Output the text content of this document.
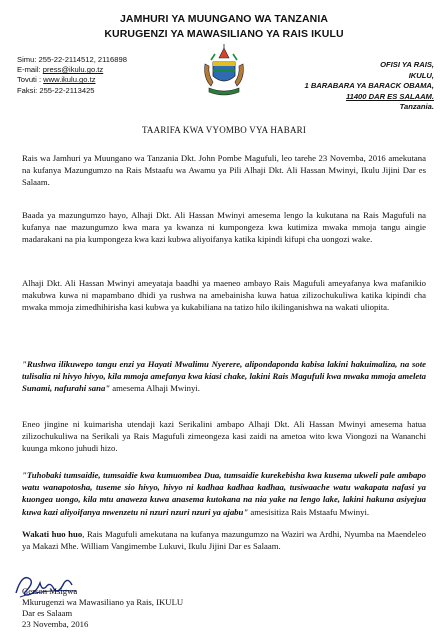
JAMHURI YA MUUNGANO WA TANZANIA
KURUGENZI YA MAWASILIANO YA RAIS IKULU
Simu: 255-22-2114512, 2116898
E-mail: press@ikulu.go.tz
Tovuti : www.ikulu.go.tz
Faksi: 255-22-2113425
OFISI YA RAIS,
IKULU,
1 BARABARA YA BARACK OBAMA,
11400 DAR ES SALAAM.
Tanzania.
TAARIFA KWA VYOMBO VYA HABARI

Rais wa Jamhuri ya Muungano wa Tanzania Dkt. John Pombe Magufuli, leo tarehe 23 Novemba, 2016 amekutana na kufanya Mazungumzo na Rais Mstaafu wa Awamu ya Pili Alhaji Dkt. Ali Hassan Mwinyi, Ikulu Jijini Dar es Salaam.

Baada ya mazungumzo hayo, Alhaji Dkt. Ali Hassan Mwinyi amesema lengo la kukutana na Rais Magufuli na kufanya nae mazungumzo kwa mara ya kwanza ni kumpongeza kwa kutimiza mwaka mmoja tangu aingie madarakani na pia kumpongeza kwa kazi kubwa aliyoifanya katika kipindi kifupi cha uongozi wake.

Alhaji Dkt. Ali Hassan Mwinyi ameyataja baadhi ya maeneo ambayo Rais Magufuli ameyafanya kwa mafanikio makubwa kuwa ni mapambano dhidi ya rushwa na amebainisha kuwa hatua zilizochukuliwa katika kipindi cha mwaka mmoja zimedhihirisha kasi kubwa ya kukabiliana na tatizo hilo ikilinganishwa na wakati uliopita.

"Rushwa ilikuwepo tangu enzi ya Hayati Mwalimu Nyerere, alipondaponda kabisa lakini hakuimaliza, na sote tulisalia ni hivyo hivyo, kila mmoja amefanya kwa kiasi chake, lakini Rais Magufuli kwa mwaka mmoja ameleta Sunami, nafurahi sana" amesema Alhaji Mwinyi.

Eneo jingine ni kuimarisha utendaji kazi Serikalini ambapo Alhaji Dkt. Ali Hassan Mwinyi amesema hatua zilizochukuliwa na Serikali ya Rais Magufuli zimeongeza kasi zaidi na ametoa wito kwa Viongozi na Wananchi kuunga mkono juhudi hizo.

"Tuhobaki tumsaidie, tumsaidie kwa kumuombea Dua, tumsaidie kurekebisha kwa kusema ukweli pale ambapo watu wanapotosha, tuseme sio hivyo, hivyo ni kadhaa kadhaa kadhaa, tusiwaache watu wakapata nafasi ya kuongea uongo, kila mtu anaweza kuwa anasema kutokana na nia yake na lengo lake, lakini hakuna asiyejua kuwa kazi aliyoifanya mwenzetu ni nzuri nzuri nzuri ya ajabu" amesisitiza Rais Mstaafu Mwinyi.

Wakati huo huo, Rais Magufuli amekutana na kufanya mazungumzo na Waziri wa Ardhi, Nyumba na Maendeleo ya Makazi Mhe. William Vangimembe Lukuvi, Ikulu Jijini Dar es Salaam.

Gerson Msigwa
Mkurugenzi wa Mawasiliano ya Rais, IKULU
Dar es Salaam
23 Novemba, 2016
